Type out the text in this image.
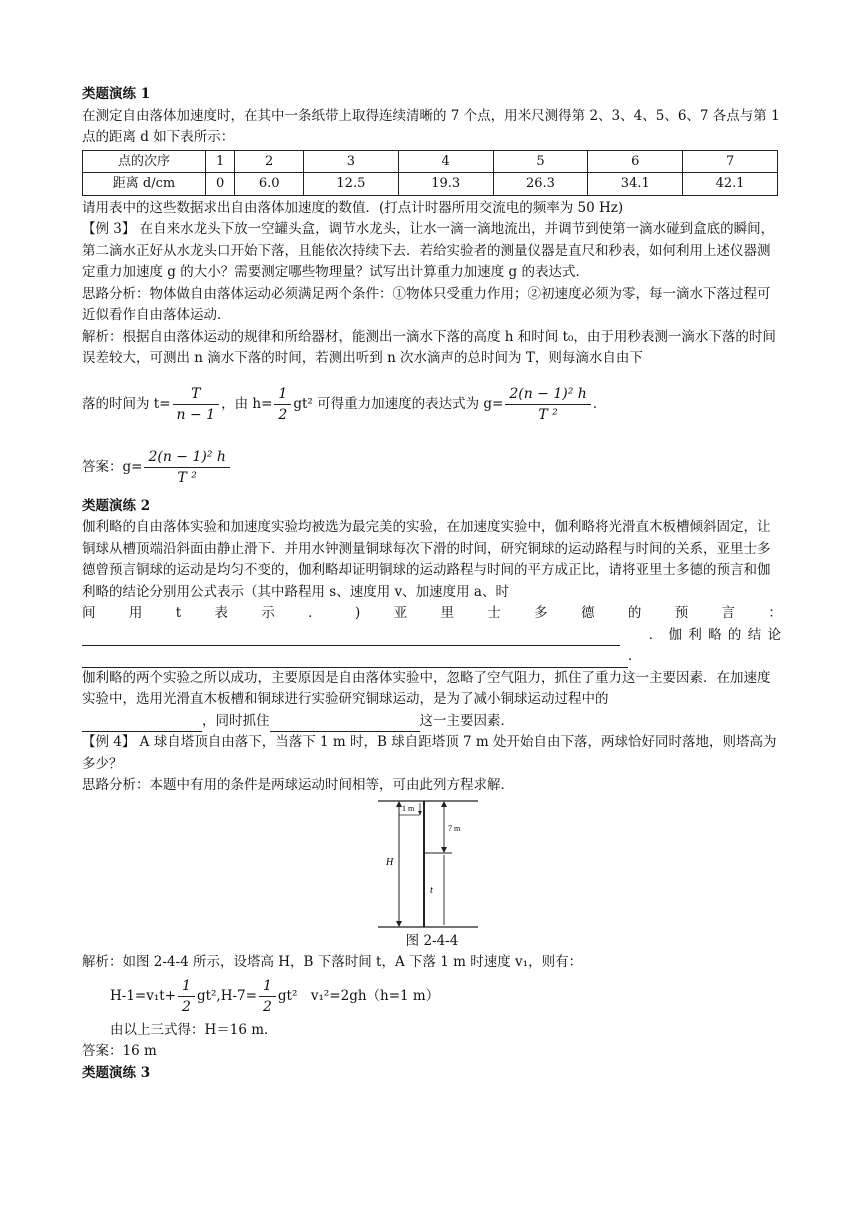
类题演练 1

在测定自由落体加速度时，在其中一条纸带上取得连续清晰的 7 个点，用米尺测得第 2、3、4、5、6、7 各点与第 1 点的距离 d 如下表所示：

点的次序	1	2	3	4	5	6	7
距离 d/cm	0	6.0	12.5	19.3	26.3	34.1	42.1

请用表中的这些数据求出自由落体加速度的数值．(打点计时器所用交流电的频率为 50 Hz)

【例 3】 在自来水龙头下放一空罐头盒，调节水龙头，让水一滴一滴地流出，并调节到使第一滴水碰到盒底的瞬间，第二滴水正好从水龙头口开始下落，且能依次持续下去．若给实验者的测量仪器是直尺和秒表，如何利用上述仪器测定重力加速度 g 的大小？需要测定哪些物理量？试写出计算重力加速度 g 的表达式．

思路分析：物体做自由落体运动必须满足两个条件：①物体只受重力作用；②初速度必须为零，每一滴水下落过程可近似看作自由落体运动．

解析：根据自由落体运动的规律和所给器材，能测出一滴水下落的高度 h 和时间 t₀，由于用秒表测一滴水下落的时间误差较大，可测出 n 滴水下落的时间，若测出听到 n 次水滴声的总时间为 T，则每滴水自由下

落的时间为 $t= \frac{T}{n - 1}$ ，由 $h= \frac{1}{2} gt^2$ 可得重力加速度的表达式为 $g= \frac{\text{2(n − 1)² h}}{\text{T ²}}$ ．
答案：$g= \frac{\text{2(n − 1)² h}}{\text{T ²}}$

类题演练 2

伽利略的自由落体实验和加速度实验均被选为最完美的实验，在加速度实验中，伽利略将光滑直木板槽倾斜固定，让铜球从槽顶端沿斜面由静止滑下．并用水钟测量铜球每次下滑的时间，研究铜球的运动路程与时间的关系，亚里士多德曾预言铜球的运动是均匀不变的，伽利略却证明铜球的运动路程与时间的平方成正比，请将亚里士多德的预言和伽利略的结论分别用公式表示（其中路程用 s、速度用 v、加速度用 a、时

间 用 t 表 示 ． ) 亚 里 士 多 德 的 预 言 ：
． 伽 利 略 的 结 论
．

伽利略的两个实验之所以成功，主要原因是自由落体实验中，忽略了空气阻力，抓住了重力这一主要因素．在加速度实验中，选用光滑直木板槽和铜球进行实验研究铜球运动，是为了减小铜球运动过程中的
，同时抓住	这一主要因素．

【例 4】 A 球自塔顶自由落下，当落下 1 m 时，B 球自距塔顶 7 m 处开始自由下落，两球恰好同时落地，则塔高为多少？

思路分析：本题中有用的条件是两球运动时间相等，可由此列方程求解．

1 m
7 m
H
t

图 2-4-4

解析：如图 2-4-4 所示，设塔高 H，B 下落时间 t，A 下落 1 m 时速度 v₁，则有：

$H-1=v_1t+ \frac{1}{2} gt^2,H-7= \frac{1}{2} gt^2$　v₁²=2gh（h=1 m）

由以上三式得：H＝16 m．

答案：16 m

类题演练 3
